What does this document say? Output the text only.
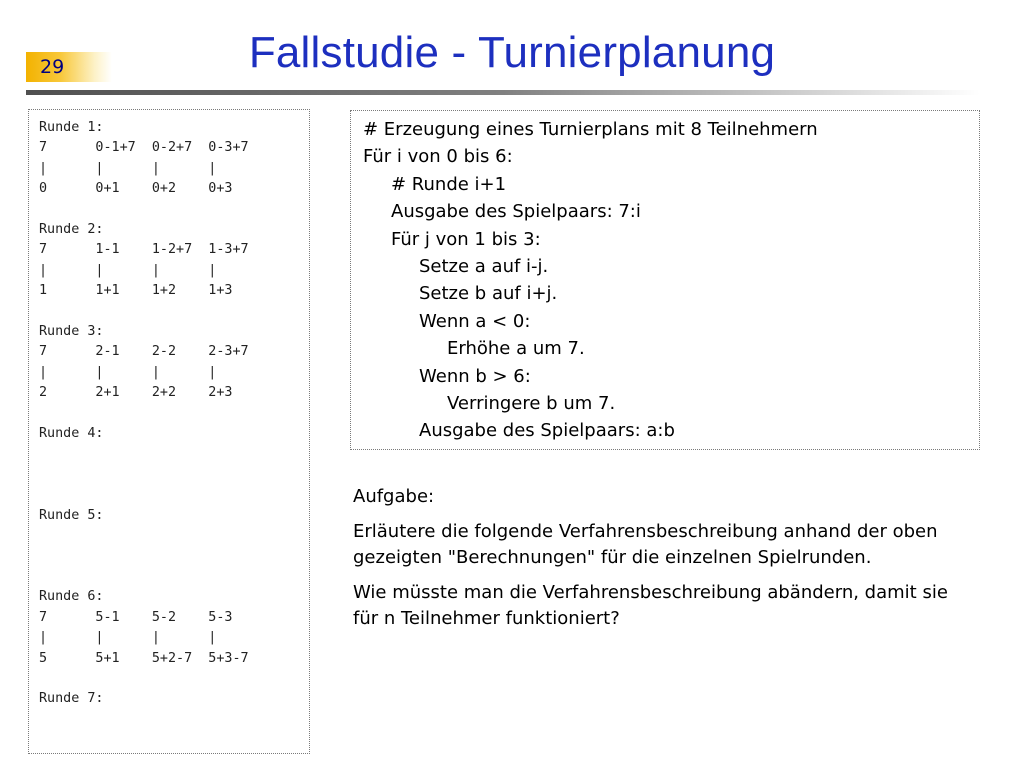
29	Fallstudie - Turnierplanung
Runde 1:
7      0-1+7  0-2+7  0-3+7
|      |      |      |
0      0+1    0+2    0+3

Runde 2:
7      1-1    1-2+7  1-3+7
|      |      |      |
1      1+1    1+2    1+3

Runde 3:
7      2-1    2-2    2-3+7
|      |      |      |
2      2+1    2+2    2+3

Runde 4:

Runde 5:

Runde 6:
7      5-1    5-2    5-3
|      |      |      |
5      5+1    5+2-7  5+3-7

Runde 7:

# Erzeugung eines Turnierplans mit 8 Teilnehmern
Für i von 0 bis 6:
# Runde i+1
Ausgabe des Spielpaars: 7:i
Für j von 1 bis 3:
Setze a auf i-j.
Setze b auf i+j.
Wenn a < 0:
Erhöhe a um 7.
Wenn b > 6:
Verringere b um 7.
Ausgabe des Spielpaars: a:b

Aufgabe:

Erläutere die folgende Verfahrensbeschreibung anhand der oben gezeigten "Berechnungen" für die einzelnen Spielrunden.

Wie müsste man die Verfahrensbeschreibung abändern, damit sie für n Teilnehmer funktioniert?
